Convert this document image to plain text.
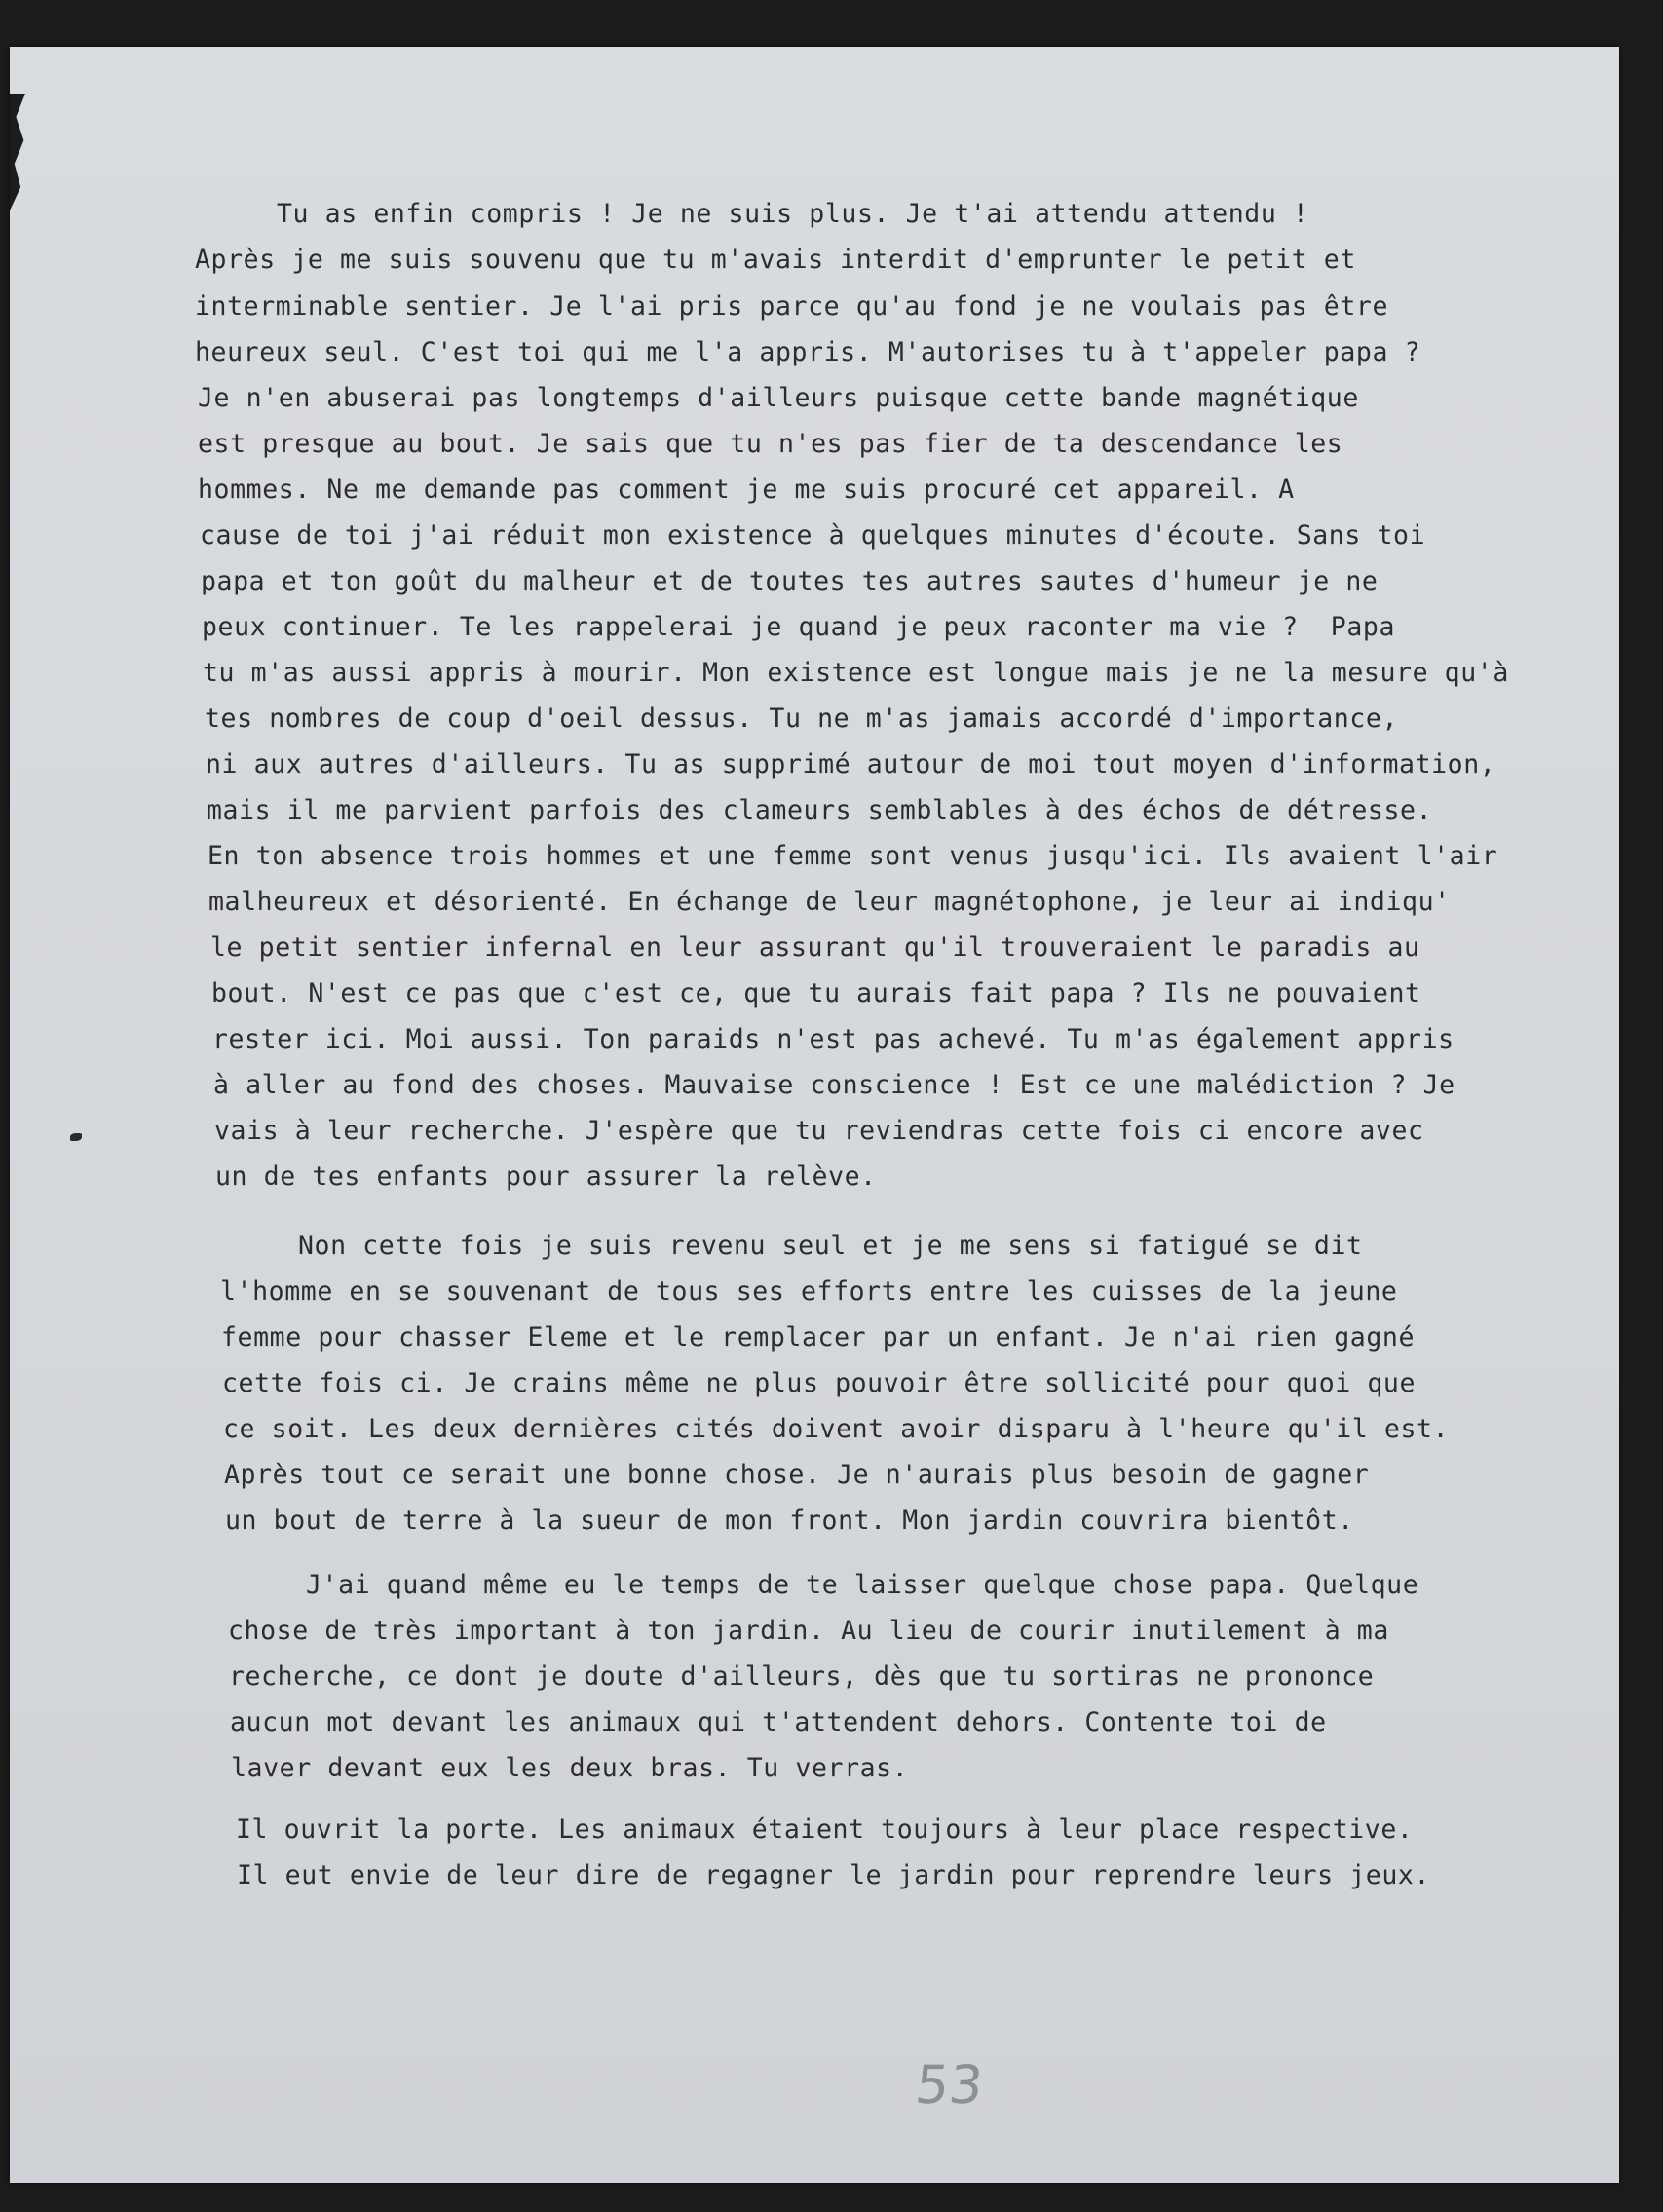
Tu as enfin compris ! Je ne suis plus. Je t'ai attendu attendu !
Après je me suis souvenu que tu m'avais interdit d'emprunter le petit et
interminable sentier. Je l'ai pris parce qu'au fond je ne voulais pas être
heureux seul. C'est toi qui me l'a appris. M'autorises tu à t'appeler papa ?
Je n'en abuserai pas longtemps d'ailleurs puisque cette bande magnétique
est presque au bout. Je sais que tu n'es pas fier de ta descendance les
hommes. Ne me demande pas comment je me suis procuré cet appareil. A
cause de toi j'ai réduit mon existence à quelques minutes d'écoute. Sans toi
papa et ton goût du malheur et de toutes tes autres sautes d'humeur je ne
peux continuer. Te les rappelerai je quand je peux raconter ma vie ?  Papa
tu m'as aussi appris à mourir. Mon existence est longue mais je ne la mesure qu'à
tes nombres de coup d'oeil dessus. Tu ne m'as jamais accordé d'importance,
ni aux autres d'ailleurs. Tu as supprimé autour de moi tout moyen d'information,
mais il me parvient parfois des clameurs semblables à des échos de détresse.
En ton absence trois hommes et une femme sont venus jusqu'ici. Ils avaient l'air
malheureux et désorienté. En échange de leur magnétophone, je leur ai indiqu'
le petit sentier infernal en leur assurant qu'il trouveraient le paradis au
bout. N'est ce pas que c'est ce, que tu aurais fait papa ? Ils ne pouvaient
rester ici. Moi aussi. Ton paraids n'est pas achevé. Tu m'as également appris
à aller au fond des choses. Mauvaise conscience ! Est ce une malédiction ? Je
vais à leur recherche. J'espère que tu reviendras cette fois ci encore avec
un de tes enfants pour assurer la relève.
Non cette fois je suis revenu seul et je me sens si fatigué se dit
l'homme en se souvenant de tous ses efforts entre les cuisses de la jeune
femme pour chasser Eleme et le remplacer par un enfant. Je n'ai rien gagné
cette fois ci. Je crains même ne plus pouvoir être sollicité pour quoi que
ce soit. Les deux dernières cités doivent avoir disparu à l'heure qu'il est.
Après tout ce serait une bonne chose. Je n'aurais plus besoin de gagner
un bout de terre à la sueur de mon front. Mon jardin couvrira bientôt.
J'ai quand même eu le temps de te laisser quelque chose papa. Quelque
chose de très important à ton jardin. Au lieu de courir inutilement à ma
recherche, ce dont je doute d'ailleurs, dès que tu sortiras ne prononce
aucun mot devant les animaux qui t'attendent dehors. Contente toi de
laver devant eux les deux bras. Tu verras.
Il ouvrit la porte. Les animaux étaient toujours à leur place respective.
Il eut envie de leur dire de regagner le jardin pour reprendre leurs jeux.
53
